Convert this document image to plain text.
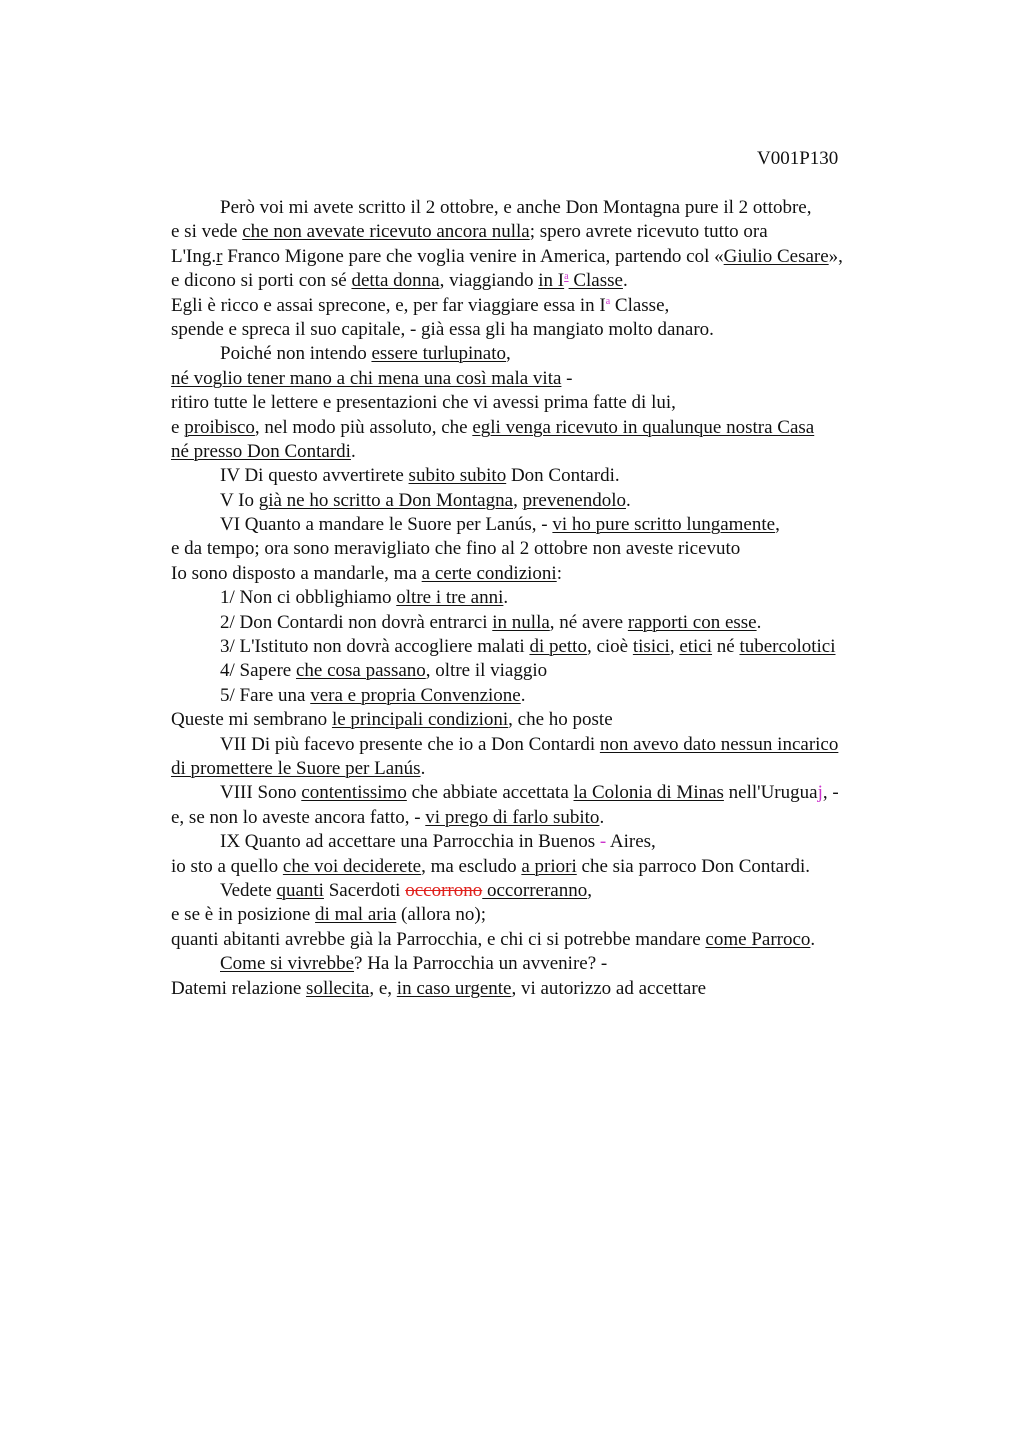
V001P130

Però voi mi avete scritto il 2 ottobre, e anche Don Montagna pure il 2 ottobre,
e si vede che non avevate ricevuto ancora nulla; spero avrete ricevuto tutto ora
L'Ing.r Franco Migone pare che voglia venire in America, partendo col «Giulio Cesare»,
e dicono si porti con sé detta donna, viaggiando in $I^a$ Classe.
Egli è ricco e assai sprecone, e, per far viaggiare essa in $I^a$ Classe,
spende e spreca il suo capitale, - già essa gli ha mangiato molto danaro.
Poiché non intendo essere turlupinato,
né voglio tener mano a chi mena una così mala vita -
ritiro tutte le lettere e presentazioni che vi avessi prima fatte di lui,
e proibisco, nel modo più assoluto, che egli venga ricevuto in qualunque nostra Casa
né presso Don Contardi.
IV Di questo avvertirete subito subito Don Contardi.
V Io già ne ho scritto a Don Montagna, prevenendolo.
VI Quanto a mandare le Suore per Lanús, - vi ho pure scritto lungamente,
e da tempo; ora sono meravigliato che fino al 2 ottobre non aveste ricevuto
Io sono disposto a mandarle, ma a certe condizioni:
1/ Non ci obblighiamo oltre i tre anni.
2/ Don Contardi non dovrà entrarci in nulla, né avere rapporti con esse.
3/ L'Istituto non dovrà accogliere malati di petto, cioè tisici, etici né tubercolotici
4/ Sapere che cosa passano, oltre il viaggio
5/ Fare una vera e propria Convenzione.
Queste mi sembrano le principali condizioni, che ho poste
VII Di più facevo presente che io a Don Contardi non avevo dato nessun incarico
di promettere le Suore per Lanús.
VIII Sono contentissimo che abbiate accettata la Colonia di Minas nell'Uruguaj, -
e, se non lo aveste ancora fatto, - vi prego di farlo subito.
IX Quanto ad accettare una Parrocchia in Buenos - Aires,
io sto a quello che voi deciderete, ma escludo a priori che sia parroco Don Contardi.
Vedete quanti Sacerdoti occorrono occorreranno,
e se è in posizione di mal aria (allora no);
quanti abitanti avrebbe già la Parrocchia, e chi ci si potrebbe mandare come Parroco.
Come si vivrebbe? Ha la Parrocchia un avvenire? -
Datemi relazione sollecita, e, in caso urgente, vi autorizzo ad accettare
